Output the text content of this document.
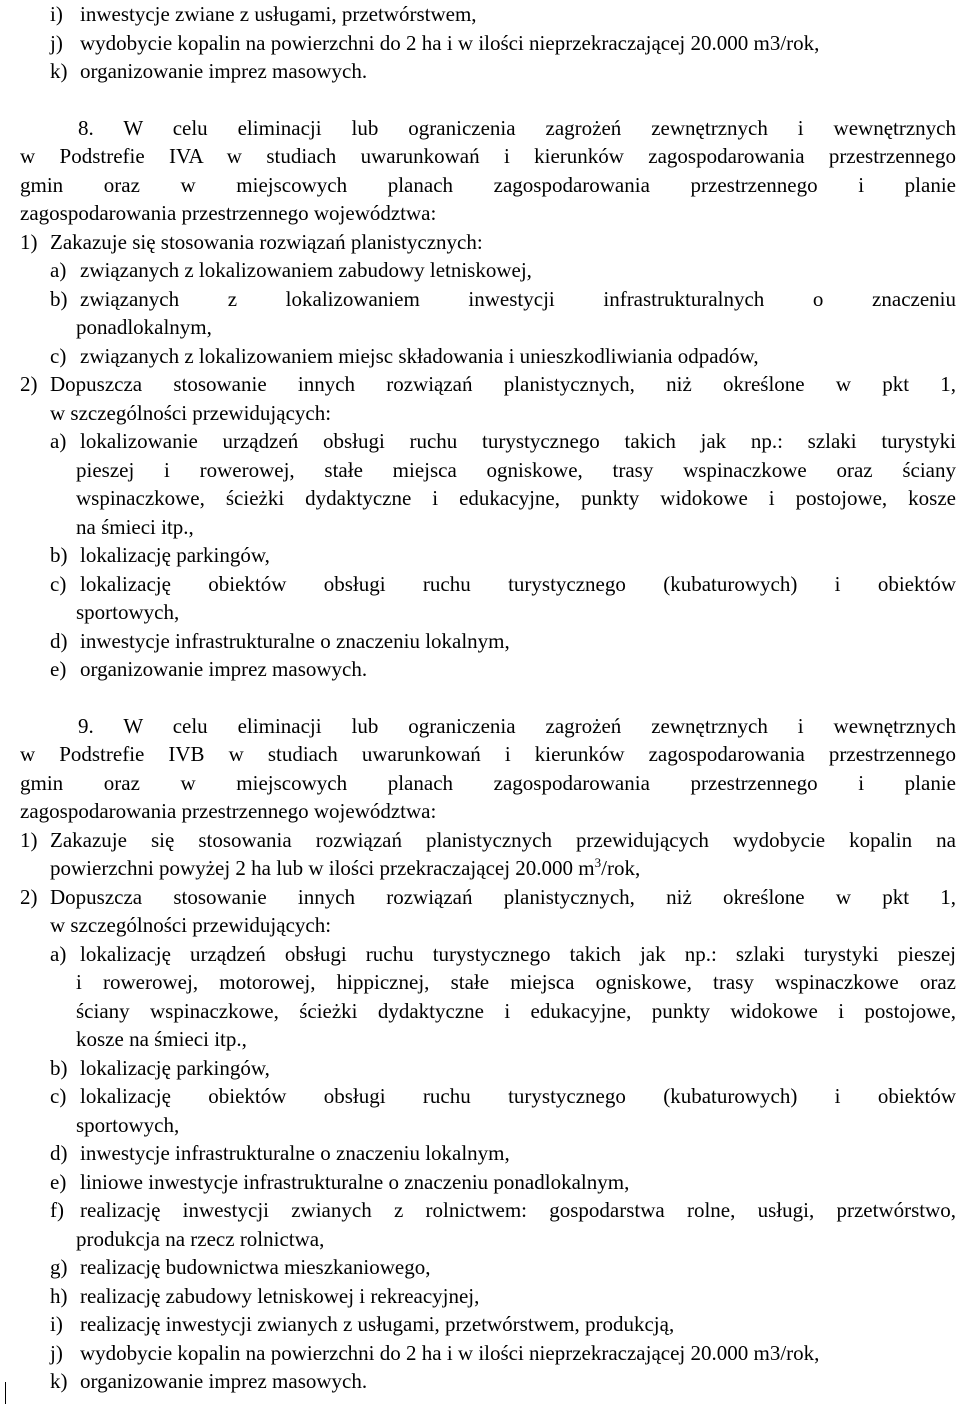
i) inwestycje zwiane z usługami, przetwórstwem,
j) wydobycie kopalin na powierzchni do 2 ha i w ilości nieprzekraczającej 20.000 m3/rok,
k) organizowanie imprez masowych.
8. W celu eliminacji lub ograniczenia zagrożeń zewnętrznych i wewnętrznych
w Podstrefie IVA w studiach uwarunkowań i kierunków zagospodarowania przestrzennego
gmin oraz w miejscowych planach zagospodarowania przestrzennego i planie
zagospodarowania przestrzennego województwa:
1) Zakazuje się stosowania rozwiązań planistycznych:
a) związanych z lokalizowaniem zabudowy letniskowej,
b) związanych z lokalizowaniem inwestycji infrastrukturalnych o znaczeniu
ponadlokalnym,
c) związanych z lokalizowaniem miejsc składowania i unieszkodliwiania odpadów,
2) Dopuszcza stosowanie innych rozwiązań planistycznych, niż określone w pkt 1,
w szczególności przewidujących:
a) lokalizowanie urządzeń obsługi ruchu turystycznego takich jak np.: szlaki turystyki
pieszej i rowerowej, stałe miejsca ogniskowe, trasy wspinaczkowe oraz ściany
wspinaczkowe, ścieżki dydaktyczne i edukacyjne, punkty widokowe i postojowe, kosze
na śmieci itp.,
b) lokalizację parkingów,
c) lokalizację obiektów obsługi ruchu turystycznego (kubaturowych) i obiektów
sportowych,
d) inwestycje infrastrukturalne o znaczeniu lokalnym,
e) organizowanie imprez masowych.
9. W celu eliminacji lub ograniczenia zagrożeń zewnętrznych i wewnętrznych
w Podstrefie IVB w studiach uwarunkowań i kierunków zagospodarowania przestrzennego
gmin oraz w miejscowych planach zagospodarowania przestrzennego i planie
zagospodarowania przestrzennego województwa:
1) Zakazuje się stosowania rozwiązań planistycznych przewidujących wydobycie kopalin na
powierzchni powyżej 2 ha lub w ilości przekraczającej 20.000 $m^3$/rok,
2) Dopuszcza stosowanie innych rozwiązań planistycznych, niż określone w pkt 1,
w szczególności przewidujących:
a) lokalizację urządzeń obsługi ruchu turystycznego takich jak np.: szlaki turystyki pieszej
i rowerowej, motorowej, hippicznej, stałe miejsca ogniskowe, trasy wspinaczkowe oraz
ściany wspinaczkowe, ścieżki dydaktyczne i edukacyjne, punkty widokowe i postojowe,
kosze na śmieci itp.,
b) lokalizację parkingów,
c) lokalizację obiektów obsługi ruchu turystycznego (kubaturowych) i obiektów
sportowych,
d) inwestycje infrastrukturalne o znaczeniu lokalnym,
e) liniowe inwestycje infrastrukturalne o znaczeniu ponadlokalnym,
f) realizację inwestycji zwianych z rolnictwem: gospodarstwa rolne, usługi, przetwórstwo,
produkcja na rzecz rolnictwa,
g) realizację budownictwa mieszkaniowego,
h) realizację zabudowy letniskowej i rekreacyjnej,
i) realizację inwestycji zwianych z usługami, przetwórstwem, produkcją,
j) wydobycie kopalin na powierzchni do 2 ha i w ilości nieprzekraczającej 20.000 m3/rok,
k) organizowanie imprez masowych.
